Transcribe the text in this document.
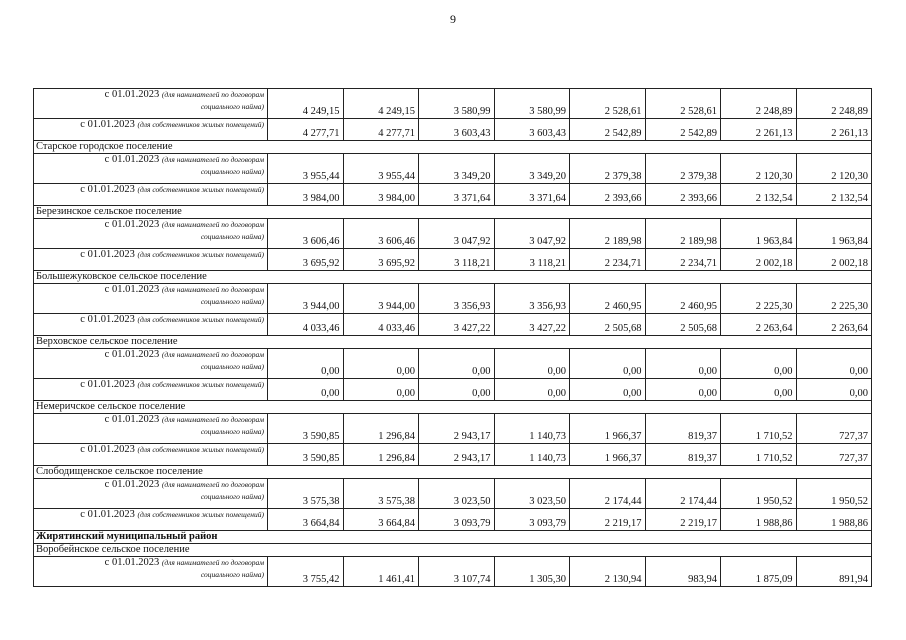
9
с 01.01.2023 (для нанимателей по договорам
социального найма)	4 249,15	4 249,15	3 580,99	3 580,99	2 528,61	2 528,61	2 248,89	2 248,89
с 01.01.2023 (для собственников жилых помещений)	4 277,71	4 277,71	3 603,43	3 603,43	2 542,89	2 542,89	2 261,13	2 261,13
Старское городское поселение								
с 01.01.2023 (для нанимателей по договорам
социального найма)	3 955,44	3 955,44	3 349,20	3 349,20	2 379,38	2 379,38	2 120,30	2 120,30
с 01.01.2023 (для собственников жилых помещений)	3 984,00	3 984,00	3 371,64	3 371,64	2 393,66	2 393,66	2 132,54	2 132,54
Березинское сельское поселение								
с 01.01.2023 (для нанимателей по договорам
социального найма)	3 606,46	3 606,46	3 047,92	3 047,92	2 189,98	2 189,98	1 963,84	1 963,84
с 01.01.2023 (для собственников жилых помещений)	3 695,92	3 695,92	3 118,21	3 118,21	2 234,71	2 234,71	2 002,18	2 002,18
Большежуковское сельское поселение								
с 01.01.2023 (для нанимателей по договорам
социального найма)	3 944,00	3 944,00	3 356,93	3 356,93	2 460,95	2 460,95	2 225,30	2 225,30
с 01.01.2023 (для собственников жилых помещений)	4 033,46	4 033,46	3 427,22	3 427,22	2 505,68	2 505,68	2 263,64	2 263,64
Верховское сельское поселение								
с 01.01.2023 (для нанимателей по договорам
социального найма)	0,00	0,00	0,00	0,00	0,00	0,00	0,00	0,00
с 01.01.2023 (для собственников жилых помещений)	0,00	0,00	0,00	0,00	0,00	0,00	0,00	0,00
Немеричское сельское поселение								
с 01.01.2023 (для нанимателей по договорам
социального найма)	3 590,85	1 296,84	2 943,17	1 140,73	1 966,37	819,37	1 710,52	727,37
с 01.01.2023 (для собственников жилых помещений)	3 590,85	1 296,84	2 943,17	1 140,73	1 966,37	819,37	1 710,52	727,37
Слободищенское сельское поселение								
с 01.01.2023 (для нанимателей по договорам
социального найма)	3 575,38	3 575,38	3 023,50	3 023,50	2 174,44	2 174,44	1 950,52	1 950,52
с 01.01.2023 (для собственников жилых помещений)	3 664,84	3 664,84	3 093,79	3 093,79	2 219,17	2 219,17	1 988,86	1 988,86
Жирятинский муниципальный район								
Воробейнское сельское поселение								
с 01.01.2023 (для нанимателей по договорам
социального найма)	3 755,42	1 461,41	3 107,74	1 305,30	2 130,94	983,94	1 875,09	891,94
